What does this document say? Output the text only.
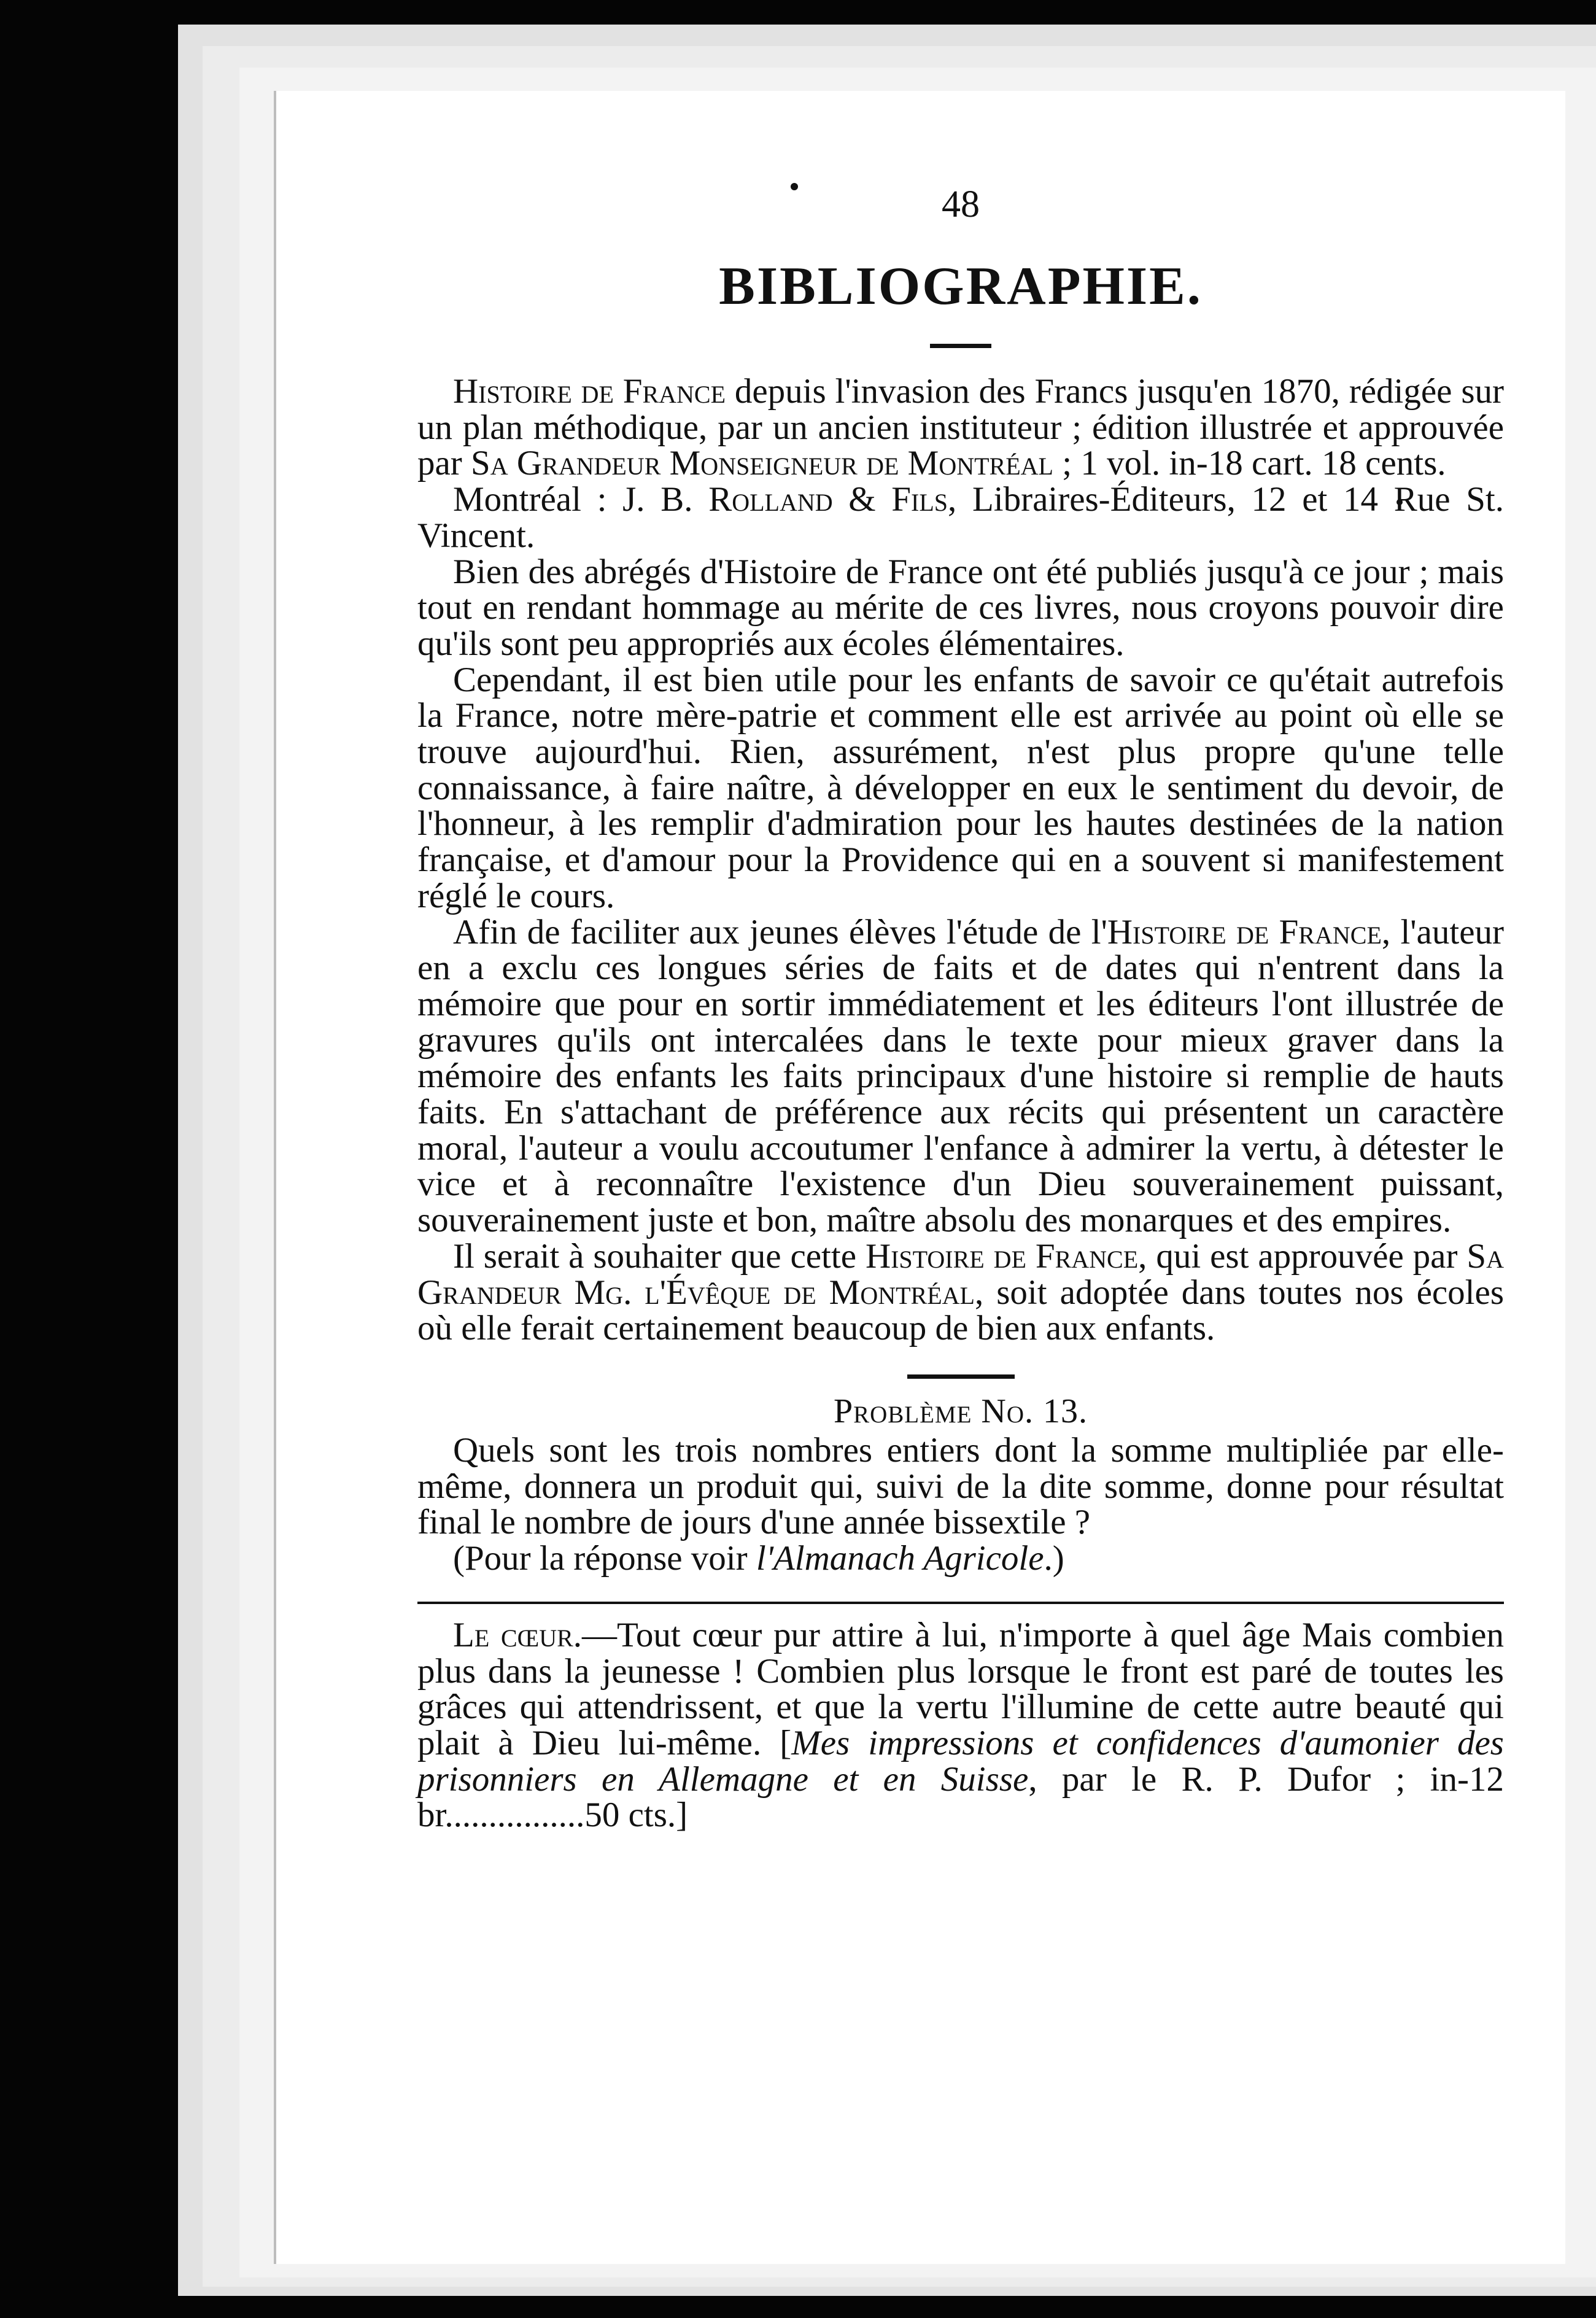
48
BIBLIOGRAPHIE.

Histoire de France depuis l'invasion des Francs jusqu'en 1870, rédigée sur un plan méthodique, par un ancien instituteur ; édition illustrée et approuvée par Sa Grandeur Monseigneur de Montréal ; 1 vol. in-18 cart. 18 cents.

Montréal : J. B. Rolland & Fils, Libraires-Éditeurs, 12 et 14 Rue St. Vincent.

Bien des abrégés d'Histoire de France ont été publiés jusqu'à ce jour ; mais tout en rendant hommage au mérite de ces livres, nous croyons pouvoir dire qu'ils sont peu appropriés aux écoles élémentaires.

Cependant, il est bien utile pour les enfants de savoir ce qu'était autrefois la France, notre mère-patrie et comment elle est arrivée au point où elle se trouve aujourd'hui. Rien, assurément, n'est plus propre qu'une telle connaissance, à faire naître, à développer en eux le sentiment du devoir, de l'honneur, à les remplir d'admiration pour les hautes destinées de la nation française, et d'amour pour la Providence qui en a souvent si manifestement réglé le cours.

Afin de faciliter aux jeunes élèves l'étude de l'Histoire de France, l'auteur en a exclu ces longues séries de faits et de dates qui n'entrent dans la mémoire que pour en sortir immédiatement et les éditeurs l'ont illustrée de gravures qu'ils ont intercalées dans le texte pour mieux graver dans la mémoire des enfants les faits principaux d'une histoire si remplie de hauts faits. En s'attachant de préférence aux récits qui présentent un caractère moral, l'auteur a voulu accoutumer l'enfance à admirer la vertu, à détester le vice et à reconnaître l'existence d'un Dieu souverainement puissant, souverainement juste et bon, maître absolu des monarques et des empires.

Il serait à souhaiter que cette Histoire de France, qui est approuvée par Sa Grandeur Mg. l'Évêque de Montréal, soit adoptée dans toutes nos écoles où elle ferait certainement beaucoup de bien aux enfants.

Problème No. 13.

Quels sont les trois nombres entiers dont la somme multipliée par elle-même, donnera un produit qui, suivi de la dite somme, donne pour résultat final le nombre de jours d'une année bissextile ?

(Pour la réponse voir l'Almanach Agricole.)

Le cœur.—Tout cœur pur attire à lui, n'importe à quel âge Mais combien plus dans la jeunesse ! Combien plus lorsque le front est paré de toutes les grâces qui attendrissent, et que la vertu l'illumine de cette autre beauté qui plait à Dieu lui-même. [Mes impressions et confidences d'aumonier des prisonniers en Allemagne et en Suisse, par le R. P. Dufor ; in-12 br................50 cts.]
